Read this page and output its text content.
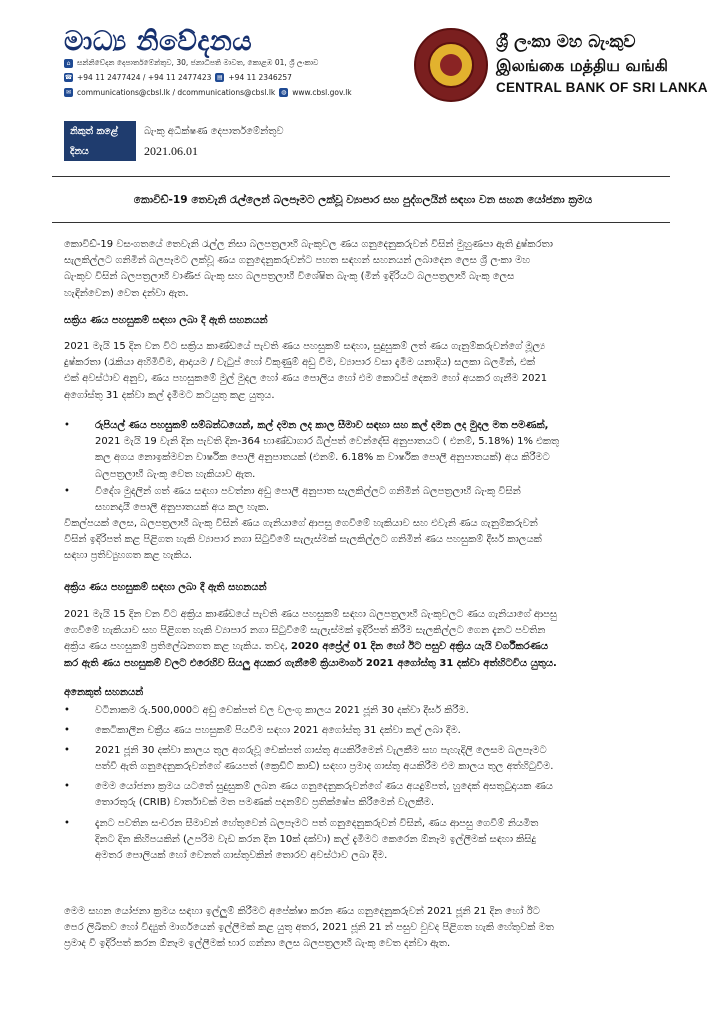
මාධ්‍ය නිවේදනය
⌂ සන්නිවේදන දෙපාර්තමේන්තුව, 30, ජනාධිපති මාවත, කොළඹ 01, ශ්‍රී ලංකාව
☎ +94 11 2477424 / +94 11 2477423 ▤ +94 11 2346257
✉ communications@cbsl.lk / dcommunications@cbsl.lk ◍ www.cbsl.gov.lk
ශ්‍රී ලංකා මහ බැංකුව
இலங்கை மத்திய வங்கி
CENTRAL BANK OF SRI LANKA
නිකුත් කළේ	බැංකු අධීක්ෂණ දෙපාර්තමේන්තුව
දිනය	2021.06.01
කොවිඩ්-19 තෙවැනි රැල්ලෙන් බලපෑමට ලක්වූ ව්‍යාපාර සහ පුද්ගලයින් සඳහා වන සහන යෝජනා ක්‍රමය
කොවිඩ්-19 වසංගතයේ තෙවැනි රැල්ල නිසා බලපත්‍රලාභී බැංකුවල ණය ගනුදෙනුකරුවන් විසින් මුහුණපා ඇති දුෂ්කරතා
සැලකිල්ලට ගනිමින් බලපෑමට ලක්වූ ණය ගනුදෙනුකරුවන්ට පහත සඳහන් සහනයන් ලබාදෙන ලෙස ශ්‍රී ලංකා මහ
බැංකුව විසින් බලපත්‍රලාභී වාණිජ බැංකු සහ බලපත්‍රලාභී විශේෂිත බැංකු (මින් ඉදිරියට බලපත්‍රලාභී බැංකු ලෙස
හැඳින්වෙන) වෙත දන්වා ඇත.
සක්‍රිය ණය පහසුකම් සඳහා ලබා දී ඇති සහනයන්
2021 මැයි 15 දින වන විට සක්‍රිය කාණ්ඩයේ පැවති ණය පහසුකම් සඳහා, සුදුසුකම් ලත් ණය ගැනුම්කරුවන්ගේ මූල්‍ය
දුෂ්කරතා (රැකියා අහිමිවීම, ආදායම / වැටුප් හෝ විකුණුම් අඩු වීම, ව්‍යාපාර වසා දැමීම යනාදිය) සලකා බලමින්, එක්
එක් අවස්ථාව අනුව, ණය පහසුකමේ මුල් මුදල හෝ ණය පොලිය හෝ එම කොටස් දෙකම හෝ අයකර ගැනීම 2021
අගෝස්තු 31 දක්වා කල් දැමීමට කටයුතු කළ යුතුය.
•	රුපියල් ණය පහසුකම් සම්බන්ධයෙන්, කල් දමන ලද කාල සීමාව සඳහා සහ කල් දමන ලද මුදල මත පමණක්,
2021 මැයි 19 වැනි දින පැවති දින-364 භාණ්ඩාගාර බිල්පත් වෙන්දේසි අනුපාතයට ( එනම්, 5.18%) 1% එකතු
කල අගය නොඉක්මවන වාර්ෂික පොලී අනුපාතයක් (එනම්. 6.18% ක වාර්ෂික පොලී අනුපාතයක්) අය කිරීමට
බලපත්‍රලාභී බැංකු වෙත හැකියාව ඇත.
•	විදේශ මුදලින් ගත් ණය සඳහා පවත්නා අඩු පොලී අනුපාත සැලකිල්ලට ගනිමින් බලපත්‍රලාභී බැංකු විසින්
සහනදායී පොලී අනුපාතයක් අය කල හැක.
විකල්පයක් ලෙස, බලපත්‍රලාභී බැංකු විසින් ණය ගැනියාගේ ආපසු ගෙවීමේ හැකියාව සහ එවැනි ණය ගැනුම්කරුවන්
විසින් ඉදිරිපත් කළ පිළිගත හැකි ව්‍යාපාර නගා සිටුවීමේ සැලැස්මක් සැලකිල්ලට ගනිමින් ණය පහසුකම් දීර්ඝ කාලයක්
සඳහා ප්‍රතිව්‍යුහගත කළ හැකිය.
අක්‍රිය ණය පහසුකම් සඳහා ලබා දී ඇති සහනයන්
2021 මැයි 15 දින වන විට අක්‍රිය කාණ්ඩයේ පැවති ණය පහසුකම් සඳහා බලපත්‍රලාභී බැංකුවලට ණය ගැනියාගේ ආපසු
ගෙවීමේ හැකියාව සහ පිළිගත හැකි ව්‍යාපාර නගා සිටුවීමේ සැලැස්මක් ඉදිරිපත් කිරීම සැලකිල්ලට ගෙන දැනට පවතින
අක්‍රිය ණය පහසුකම් ප්‍රතිලේඛනගත කළ හැකිය. තවද, 2020 අප්‍රේල් 01 දින හෝ ඊට පසුව අක්‍රිය යැයි වර්ගීකරණය
කර ඇති ණය පහසුකම් වලට එරෙහිව සියලු අයකර ගැනීමේ ක්‍රියාමාර්ග 2021 අගෝස්තු 31 දක්වා අත්හිටවිය යුතුය.
අනෙකුත් සහනයන්
•	වටිනාකම රු.500,000ට අඩු චෙක්පත් වල වලංගු කාලය 2021 ජූනි 30 දක්වා දීර්ඝ කිරීම.
•	කෙටිකාලීන චක්‍රීය ණය පහසුකම් පියවීම සඳහා 2021 අගෝස්තු 31 දක්වා කල් ලබා දීම.
•	2021 ජූනි 30 දක්වා කාලය තුල අගරුවූ චෙක්පත් ගාස්තු අයකිරීමෙන් වැලකීම සහ පැහැදිලි ලෙසම බලපෑමට
පත්වී ඇති ගනුදෙනුකරුවන්ගේ ණයපත් (ක්‍රෙඩිට් කාඩ්) සඳහා ප්‍රමාද ගාස්තු අයකිරීම එම කාලය තුල අත්හිටුවීම.
•	මෙම යෝජනා ක්‍රමය යටතේ සුදුසුකම් ලබන ණය ගනුදෙනුකරුවන්ගේ ණය අයදුම්පත්, හුදෙක් අසතුටුදායක ණය
තොරතුරු (CRIB) වාර්තාවක් මත පමණක් පදනම්ව ප්‍රතික්ෂේප කිරීමෙන් වැලකීම.
•	දැනට පවතින සංචරන සීමාවන් හේතුවෙන් බලපෑමට පත් ගනුදෙනුකරුවන් විසින්, ණය ආපසු ගෙවීම් නියමිත
දිනට දින කිහිපයකින් (උපරිම වැඩ කරන දින 10ක් දක්වා) කල් දැමීමට කෙරෙන ඕනෑම ඉල්ලීමක් සඳහා කිසිදු
අමතර පොලියක් හෝ වෙනත් ගාස්තුවකින් තොරව අවස්ථාව ලබා දීම.
මෙම සහන යෝජනා ක්‍රමය සඳහා ඉල්ලුම් කිරීමට අපේක්ෂා කරන ණය ගනුදෙනුකරුවන් 2021 ජූනි 21 දින හෝ ඊට
පෙර ලිඛිතව හෝ විද්‍යුත් මාර්ගයෙන් ඉල්ලීමක් කළ යුතු අතර, 2021 ජූනි 21 න් පසුව වුවද පිළිගත හැකි හේතුවක් මත
ප්‍රමාද වී ඉදිරිපත් කරන ඕනෑම ඉල්ලීමක් භාර ගන්නා ලෙස බලපත්‍රලාභී බැංකු වෙත දන්වා ඇත.
